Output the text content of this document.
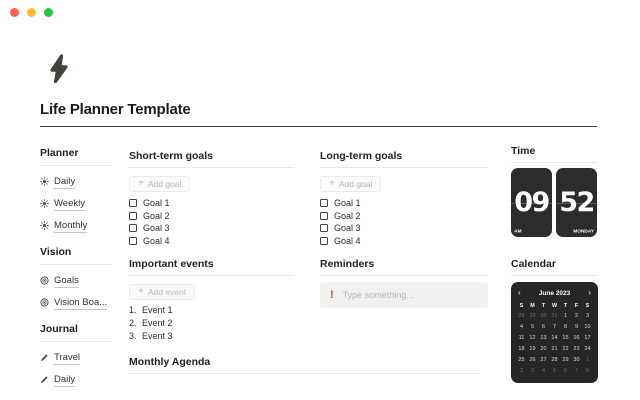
Life Planner Template
Planner
Daily
Weekly
Monthly
Vision
Goals
Vision Boa...
Journal
Travel
Daily
Short-term goals
+ Add goal
Goal 1
Goal 2
Goal 3
Goal 4
Long-term goals
+ Add goal
Goal 1
Goal 2
Goal 3
Goal 4
Important events
+ Add event
1. Event 1
2. Event 2
3. Event 3
Reminders
! Type something...
Monthly Agenda
Time
09
AM
52
MONDAY
Calendar
‹	June 2023 ›
S	M	T	W	T	F	S
28 29 30 31	1	2	3
4	5	6	7	8	9	10
11 12 13 14 15 16 17
18 19 20 21 22 23 24
25 26 27 28 29 30	1
2	3	4	5	6	7	8
